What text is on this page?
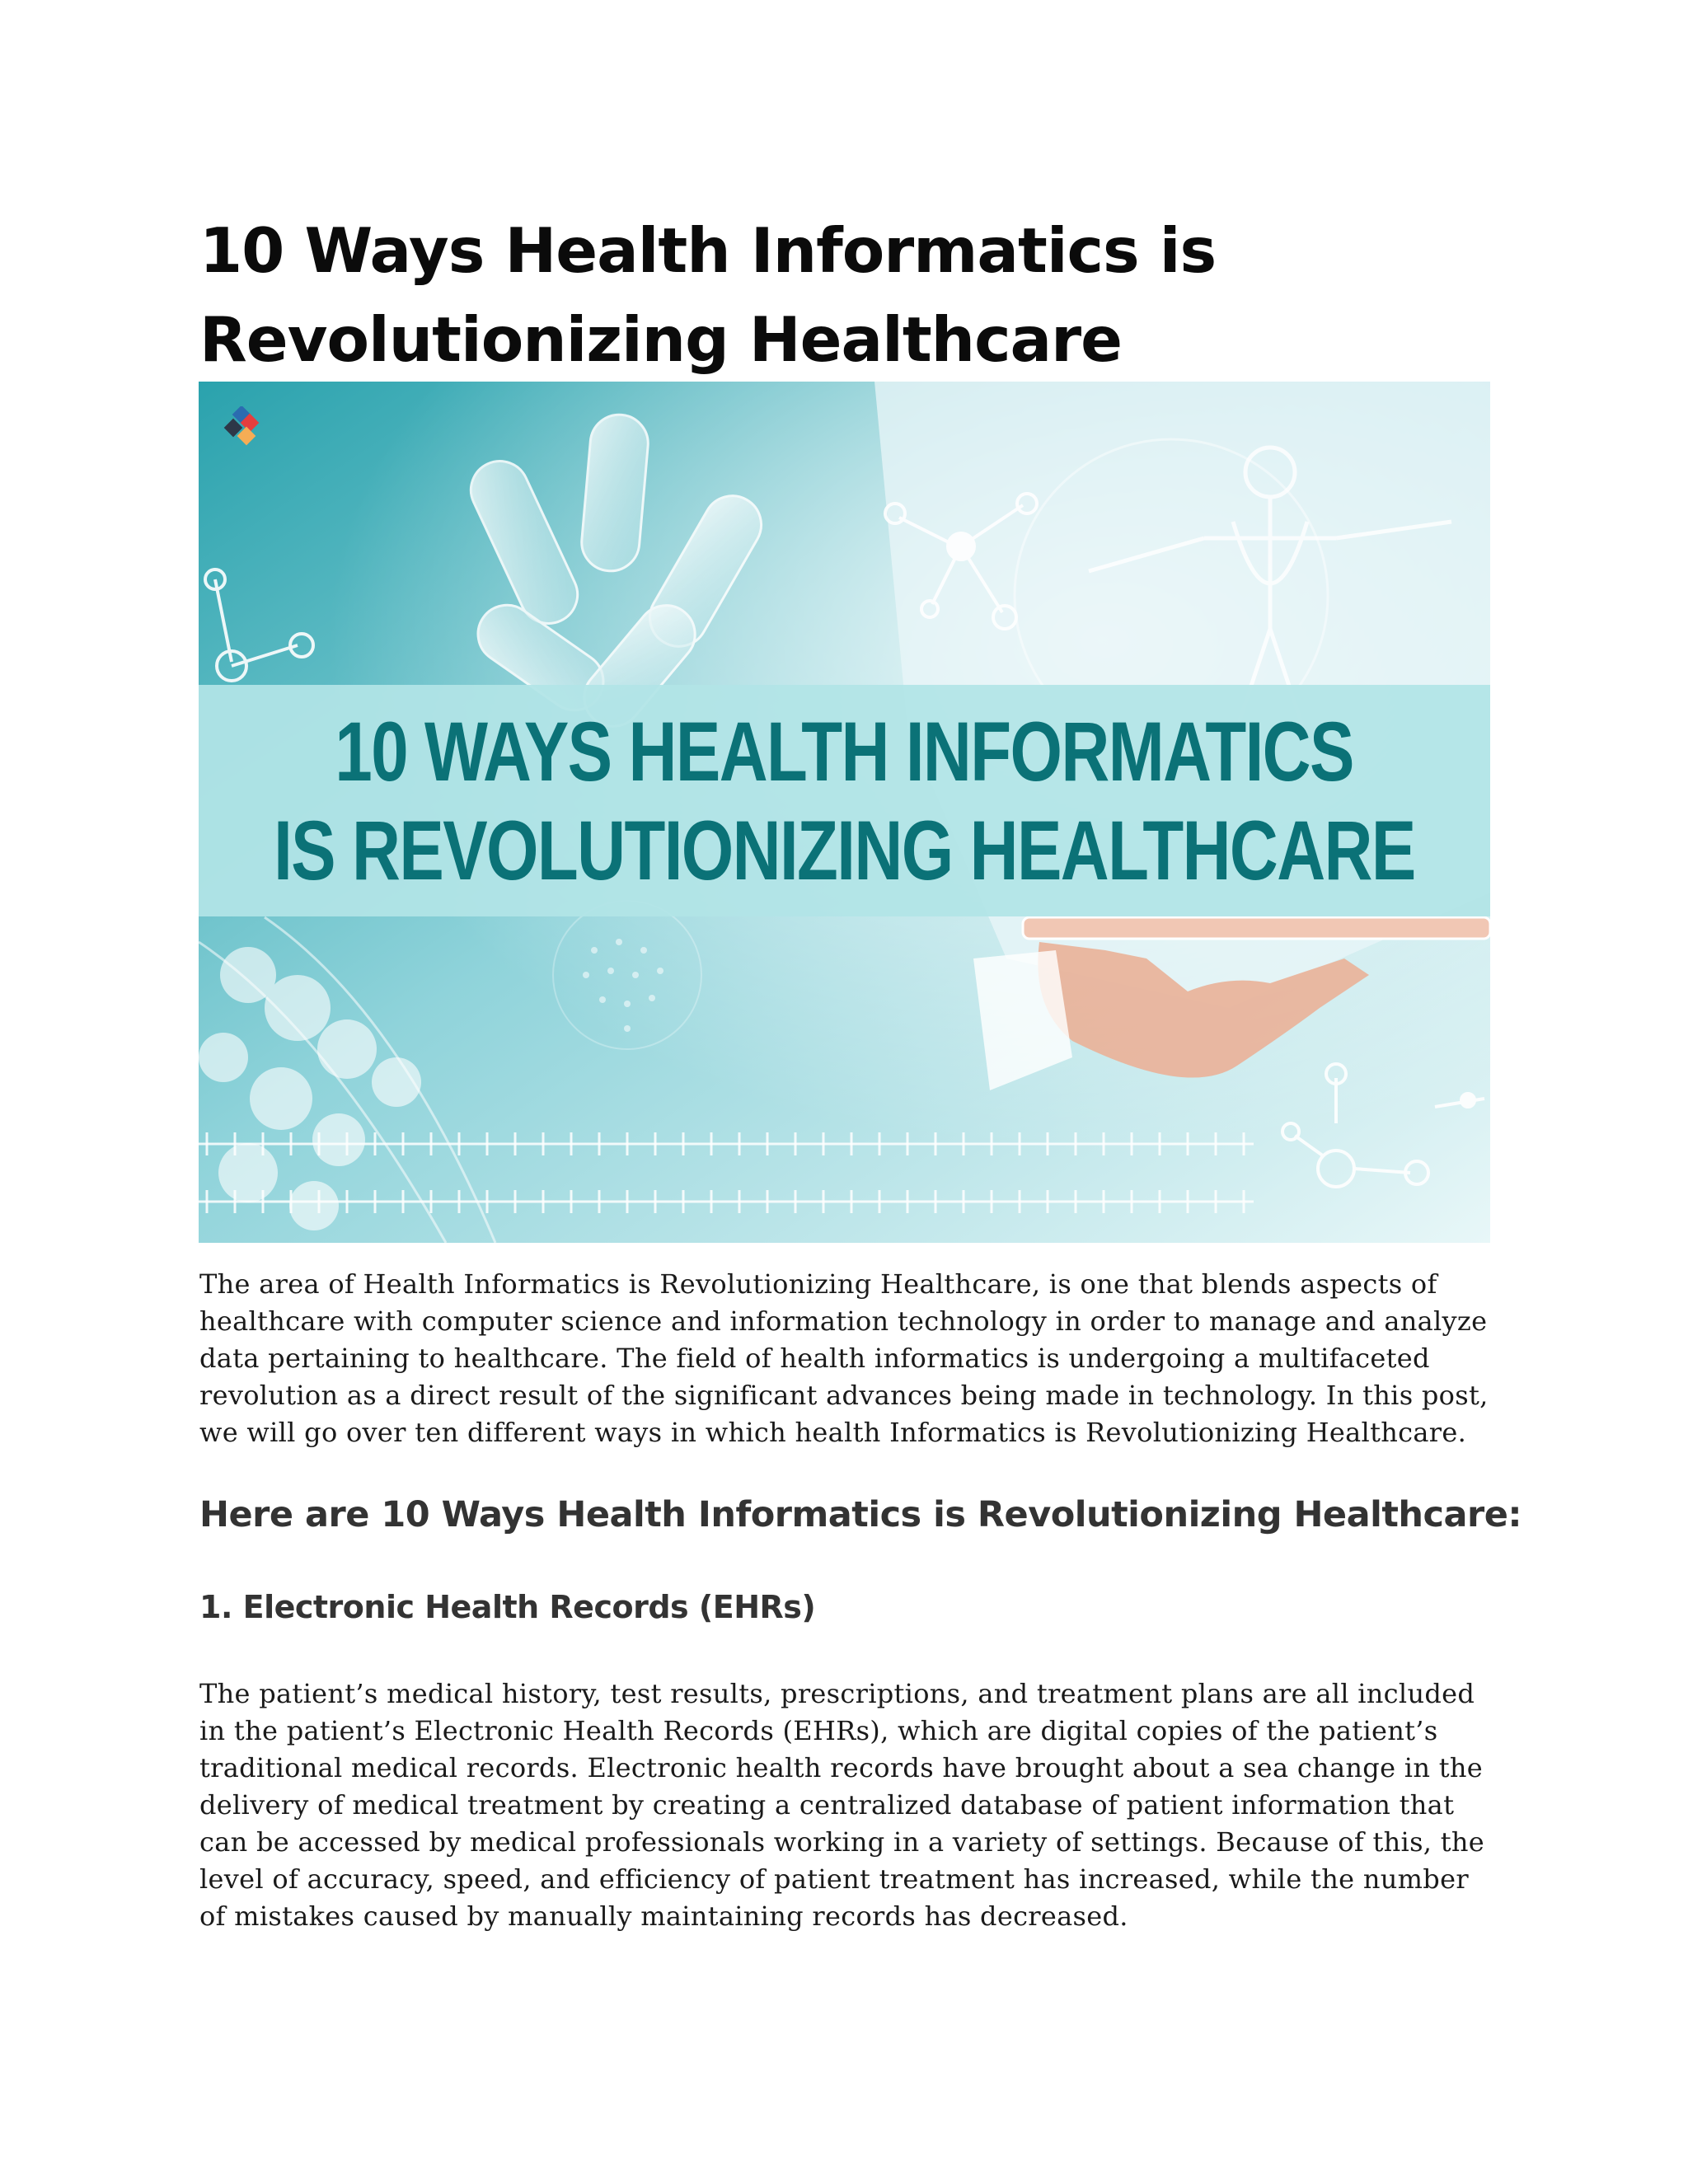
10 Ways Health Informatics is Revolutionizing Healthcare
10 WAYS HEALTH INFORMATICS
IS REVOLUTIONIZING HEALTHCARE

The area of Health Informatics is Revolutionizing Healthcare, is one that blends aspects of healthcare with computer science and information technology in order to manage and analyze data pertaining to healthcare. The field of health informatics is undergoing a multifaceted revolution as a direct result of the significant advances being made in technology. In this post, we will go over ten different ways in which health Informatics is Revolutionizing Healthcare.

Here are 10 Ways Health Informatics is Revolutionizing Healthcare:
1. Electronic Health Records (EHRs)

The patient’s medical history, test results, prescriptions, and treatment plans are all included in the patient’s Electronic Health Records (EHRs), which are digital copies of the patient’s traditional medical records. Electronic health records have brought about a sea change in the delivery of medical treatment by creating a centralized database of patient information that can be accessed by medical professionals working in a variety of settings. Because of this, the level of accuracy, speed, and efficiency of patient treatment has increased, while the number of mistakes caused by manually maintaining records has decreased.
